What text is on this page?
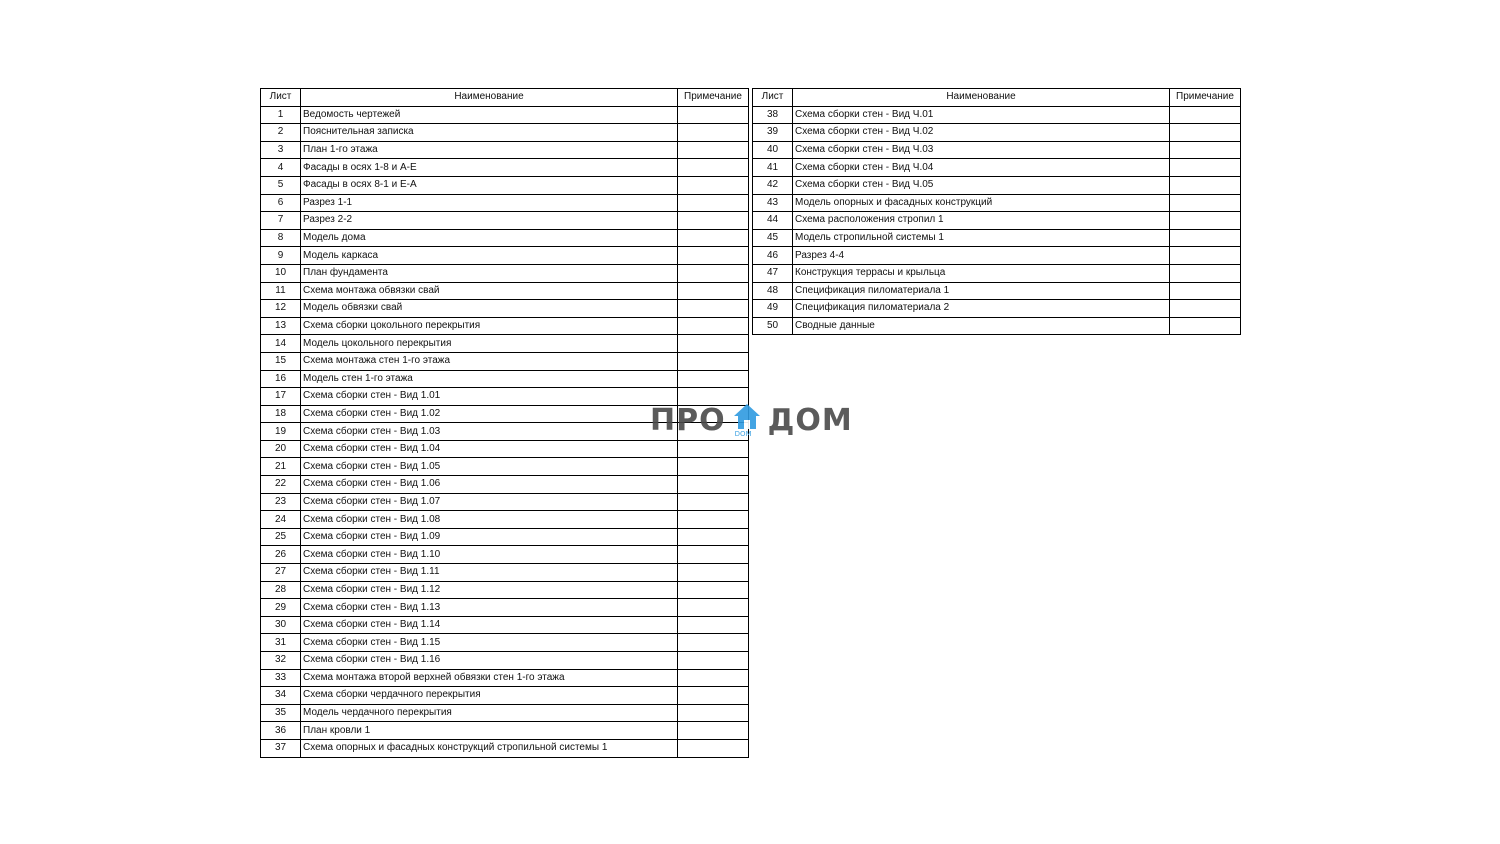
Лист	Наименование	Примечание
1	Ведомость чертежей	
2	Пояснительная записка	
3	План 1-го этажа	
4	Фасады в осях 1-8 и А-Е	
5	Фасады в осях 8-1 и Е-А	
6	Разрез 1-1	
7	Разрез 2-2	
8	Модель дома	
9	Модель каркаса	
10	План фундамента	
11	Схема монтажа обвязки свай	
12	Модель обвязки свай	
13	Схема сборки цокольного перекрытия	
14	Модель цокольного перекрытия	
15	Схема монтажа стен 1-го этажа	
16	Модель стен 1-го этажа	
17	Схема сборки стен - Вид 1.01	
18	Схема сборки стен - Вид 1.02	
19	Схема сборки стен - Вид 1.03	
20	Схема сборки стен - Вид 1.04	
21	Схема сборки стен - Вид 1.05	
22	Схема сборки стен - Вид 1.06	
23	Схема сборки стен - Вид 1.07	
24	Схема сборки стен - Вид 1.08	
25	Схема сборки стен - Вид 1.09	
26	Схема сборки стен - Вид 1.10	
27	Схема сборки стен - Вид 1.11	
28	Схема сборки стен - Вид 1.12	
29	Схема сборки стен - Вид 1.13	
30	Схема сборки стен - Вид 1.14	
31	Схема сборки стен - Вид 1.15	
32	Схема сборки стен - Вид 1.16	
33	Схема монтажа второй верхней обвязки стен 1-го этажа	
34	Схема сборки чердачного перекрытия	
35	Модель чердачного перекрытия	
36	План кровли 1	
37	Схема опорных и фасадных конструкций стропильной системы 1	
Лист	Наименование	Примечание
38	Схема сборки стен - Вид Ч.01	
39	Схема сборки стен - Вид Ч.02	
40	Схема сборки стен - Вид Ч.03	
41	Схема сборки стен - Вид Ч.04	
42	Схема сборки стен - Вид Ч.05	
43	Модель опорных и фасадных конструкций	
44	Схема расположения стропил 1	
45	Модель стропильной системы 1	
46	Разрез 4-4	
47	Конструкция террасы и крыльца	
48	Спецификация пиломатериала 1	
49	Спецификация пиломатериала 2	
50	Сводные данные	
ПРО DOM ДОМ
